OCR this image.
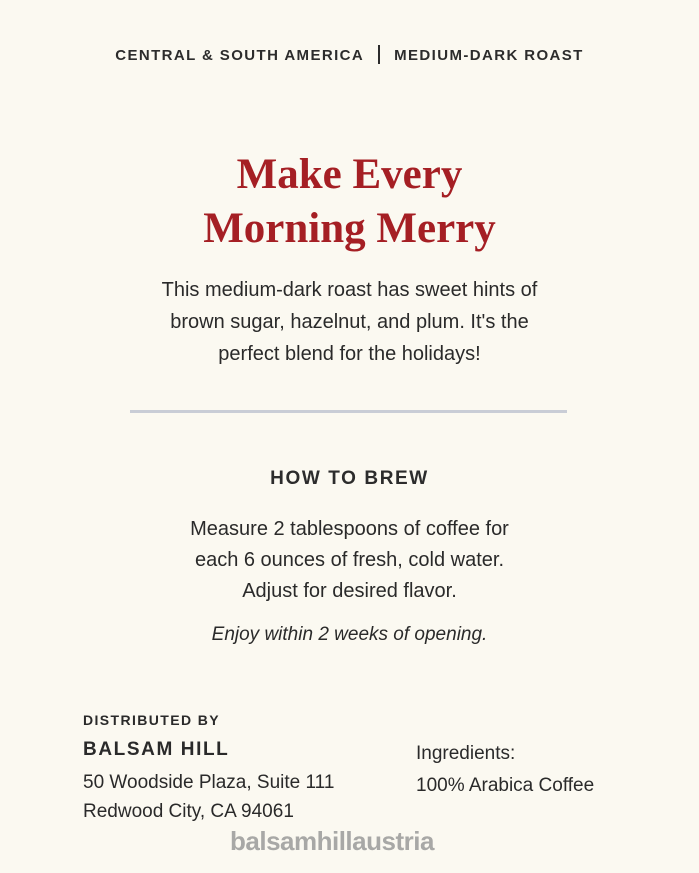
CENTRAL & SOUTH AMERICA MEDIUM-DARK ROAST
Make Every
Morning Merry
This medium-dark roast has sweet hints of
brown sugar, hazelnut, and plum. It's the
perfect blend for the holidays!
HOW TO BREW
Measure 2 tablespoons of coffee for
each 6 ounces of fresh, cold water.
Adjust for desired flavor.
Enjoy within 2 weeks of opening.
DISTRIBUTED BY
BALSAM HILL
50 Woodside Plaza, Suite 111
Redwood City, CA 94061
Ingredients:
100% Arabica Coffee
balsamhillaustria
